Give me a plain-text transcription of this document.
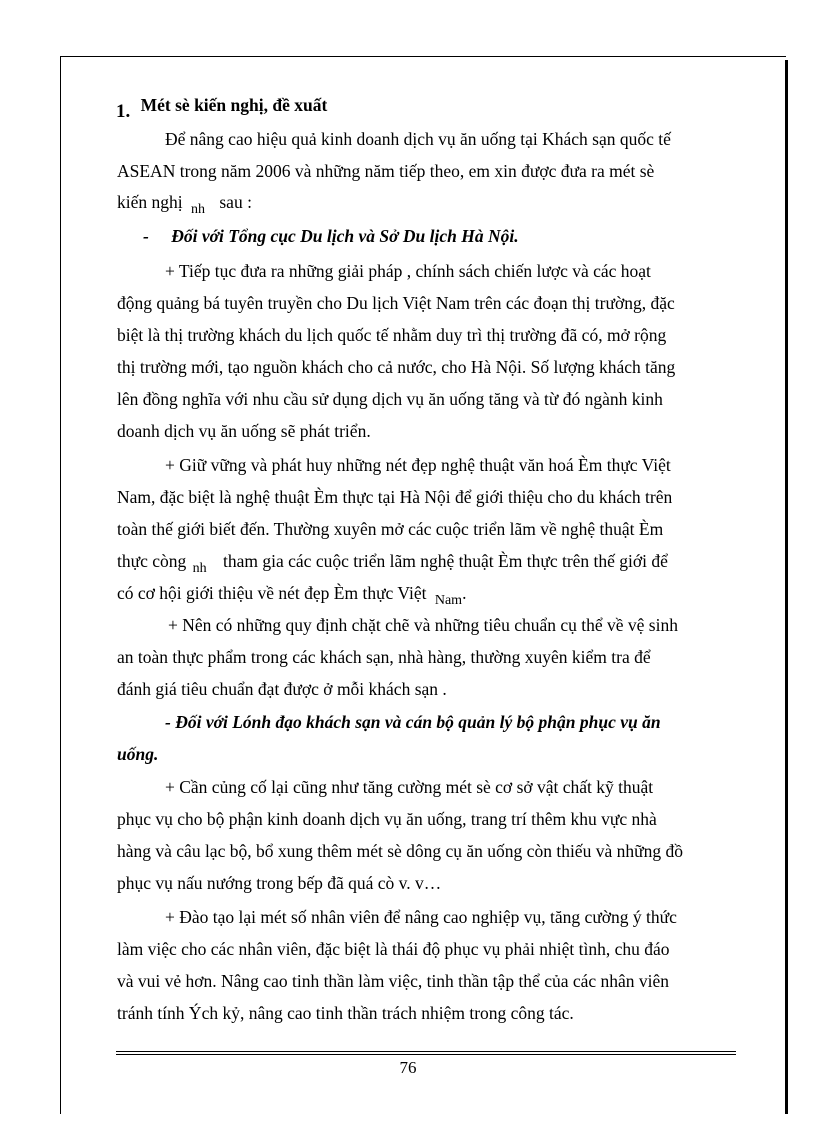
1. Mét sè kiến nghị, đề xuất
Để nâng cao hiệu quả kinh doanh dịch vụ ăn uống tại Khách sạn quốc tế
ASEAN trong năm 2006 và những năm tiếp theo, em xin được đưa ra mét sè
kiến nghị $_{nh}$ sau :
- Đối với Tổng cục Du lịch và Sở Du lịch Hà Nội.
+ Tiếp tục đưa ra những giải pháp , chính sách chiến lược và các hoạt
động quảng bá tuyên truyền cho Du lịch Việt Nam trên các đoạn thị trường, đặc
biệt là thị trường khách du lịch quốc tế nhằm duy trì thị trường đã có, mở rộng
thị trường mới, tạo nguồn khách cho cả nước, cho Hà Nội. Số lượng khách tăng
lên đồng nghĩa với nhu cầu sử dụng dịch vụ ăn uống tăng và từ đó ngành kinh
doanh dịch vụ ăn uống sẽ phát triển.
+ Giữ vững và phát huy những nét đẹp nghệ thuật văn hoá Èm thực Việt
Nam, đặc biệt là nghệ thuật Èm thực tại Hà Nội để giới thiệu cho du khách trên
toàn thế giới biết đến. Thường xuyên mở các cuộc triển lãm về nghệ thuật Èm
thực còng $_{nh}$ tham gia các cuộc triển lãm nghệ thuật Èm thực trên thế giới để
có cơ hội giới thiệu về nét đẹp Èm thực Việt $_{Nam}$.
+ Nên có những quy định chặt chẽ và những tiêu chuẩn cụ thể về vệ sinh
an toàn thực phẩm trong các khách sạn, nhà hàng, thường xuyên kiểm tra để
đánh giá tiêu chuẩn đạt được ở mỗi khách sạn .
- Đối với Lónh đạo khách sạn và cán bộ quản lý bộ phận phục vụ ăn
uống.
+ Cần củng cố lại cũng như tăng cường mét sè cơ sở vật chất kỹ thuật
phục vụ cho bộ phận kinh doanh dịch vụ ăn uống, trang trí thêm khu vực nhà
hàng và câu lạc bộ, bổ xung thêm mét sè dông cụ ăn uống còn thiếu và những đồ
phục vụ nấu nướng trong bếp đã quá cò v. v…
+ Đào tạo lại mét số nhân viên để nâng cao nghiệp vụ, tăng cường ý thức
làm việc cho các nhân viên, đặc biệt là thái độ phục vụ phải nhiệt tình, chu đáo
và vui vẻ hơn. Nâng cao tinh thần làm việc, tinh thần tập thể của các nhân viên
tránh tính Ých kỷ, nâng cao tinh thần trách nhiệm trong công tác.
76
